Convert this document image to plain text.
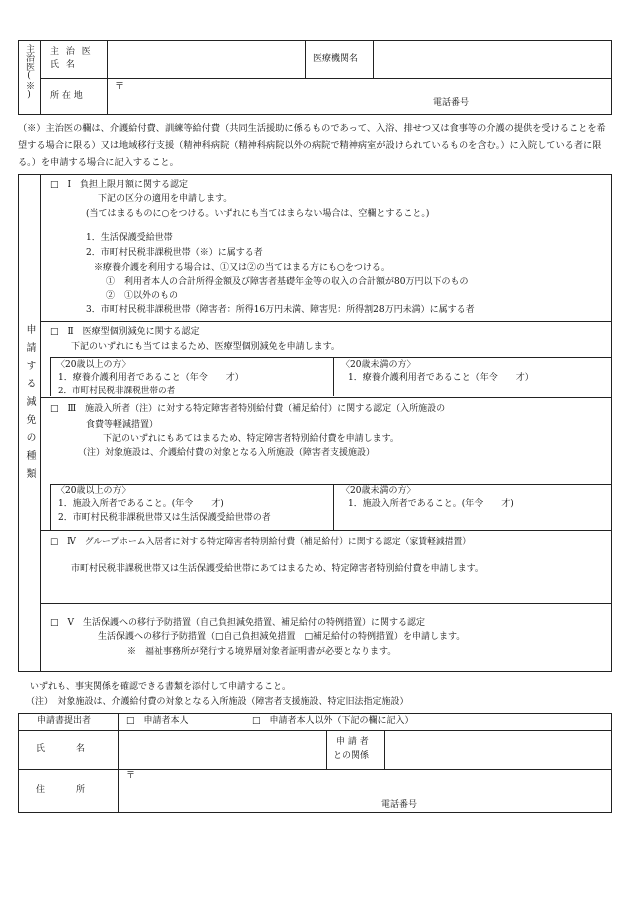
主治医(※) 主 治 医
氏 名
医療機関名
所 在 地
〒
電話番号
（※）主治医の欄は、介護給付費、訓練等給付費（共同生活援助に係るものであって、入浴、排せつ又は食事等の介護の提供を受けることを希望する場合に限る）又は地域移行支援（精神科病院（精神科病院以外の病院で精神病室が設けられているものを含む。）に入院している者に限る。）を申請する場合に記入すること。
申請する減免の種類
□　Ⅰ　負担上限月額に関する認定
下記の区分の適用を申請します。
(当てはまるものに○をつける。いずれにも当てはまらない場合は、空欄とすること。)
1．生活保護受給世帯
2．市町村民税非課税世帯（※）に属する者
※療養介護を利用する場合は、①又は②の当てはまる方にも○をつける。
①　利用者本人の合計所得金額及び障害者基礎年金等の収入の合計額が80万円以下のもの
②　①以外のもの
3．市町村民税非課税世帯（障害者：所得16万円未満、障害児：所得割28万円未満）に属する者
□　Ⅱ　医療型個別減免に関する認定
下記のいずれにも当てはまるため、医療型個別減免を申請します。
〈20歳以上の方〉
1．療養介護利用者であること（年令　　才）
2．市町村民税非課税世帯の者
〈20歳未満の方〉
1．療養介護利用者であること（年令　　才）
□　Ⅲ　施設入所者（注）に対する特定障害者特別給付費（補足給付）に関する認定（入所施設の
食費等軽減措置）
下記のいずれにもあてはまるため、特定障害者特別給付費を申請します。
（注）対象施設は、介護給付費の対象となる入所施設（障害者支援施設）
〈20歳以上の方〉
1．施設入所者であること。(年令　　才)
2．市町村民税非課税世帯又は生活保護受給世帯の者
〈20歳未満の方〉
1．施設入所者であること。(年令　　才)
□　Ⅳ　グループホーム入居者に対する特定障害者特別給付費（補足給付）に関する認定（家賃軽減措置）
市町村民税非課税世帯又は生活保護受給世帯にあてはまるため、特定障害者特別給付費を申請します。
□　Ⅴ　生活保護への移行予防措置（自己負担減免措置、補足給付の特例措置）に関する認定
生活保護への移行予防措置（□自己負担減免措置　□補足給付の特例措置）を申請します。
※　福祉事務所が発行する境界層対象者証明書が必要となります。
いずれも、事実関係を確認できる書類を添付して申請すること。
（注）　対象施設は、介護給付費の対象となる入所施設（障害者支援施設、特定旧法指定施設）
申請書提出者	□　申請者本人	□　申請者本人以外（下記の欄に記入）
氏　　　名
申 請 者
との関係
住　　　所
〒
電話番号
